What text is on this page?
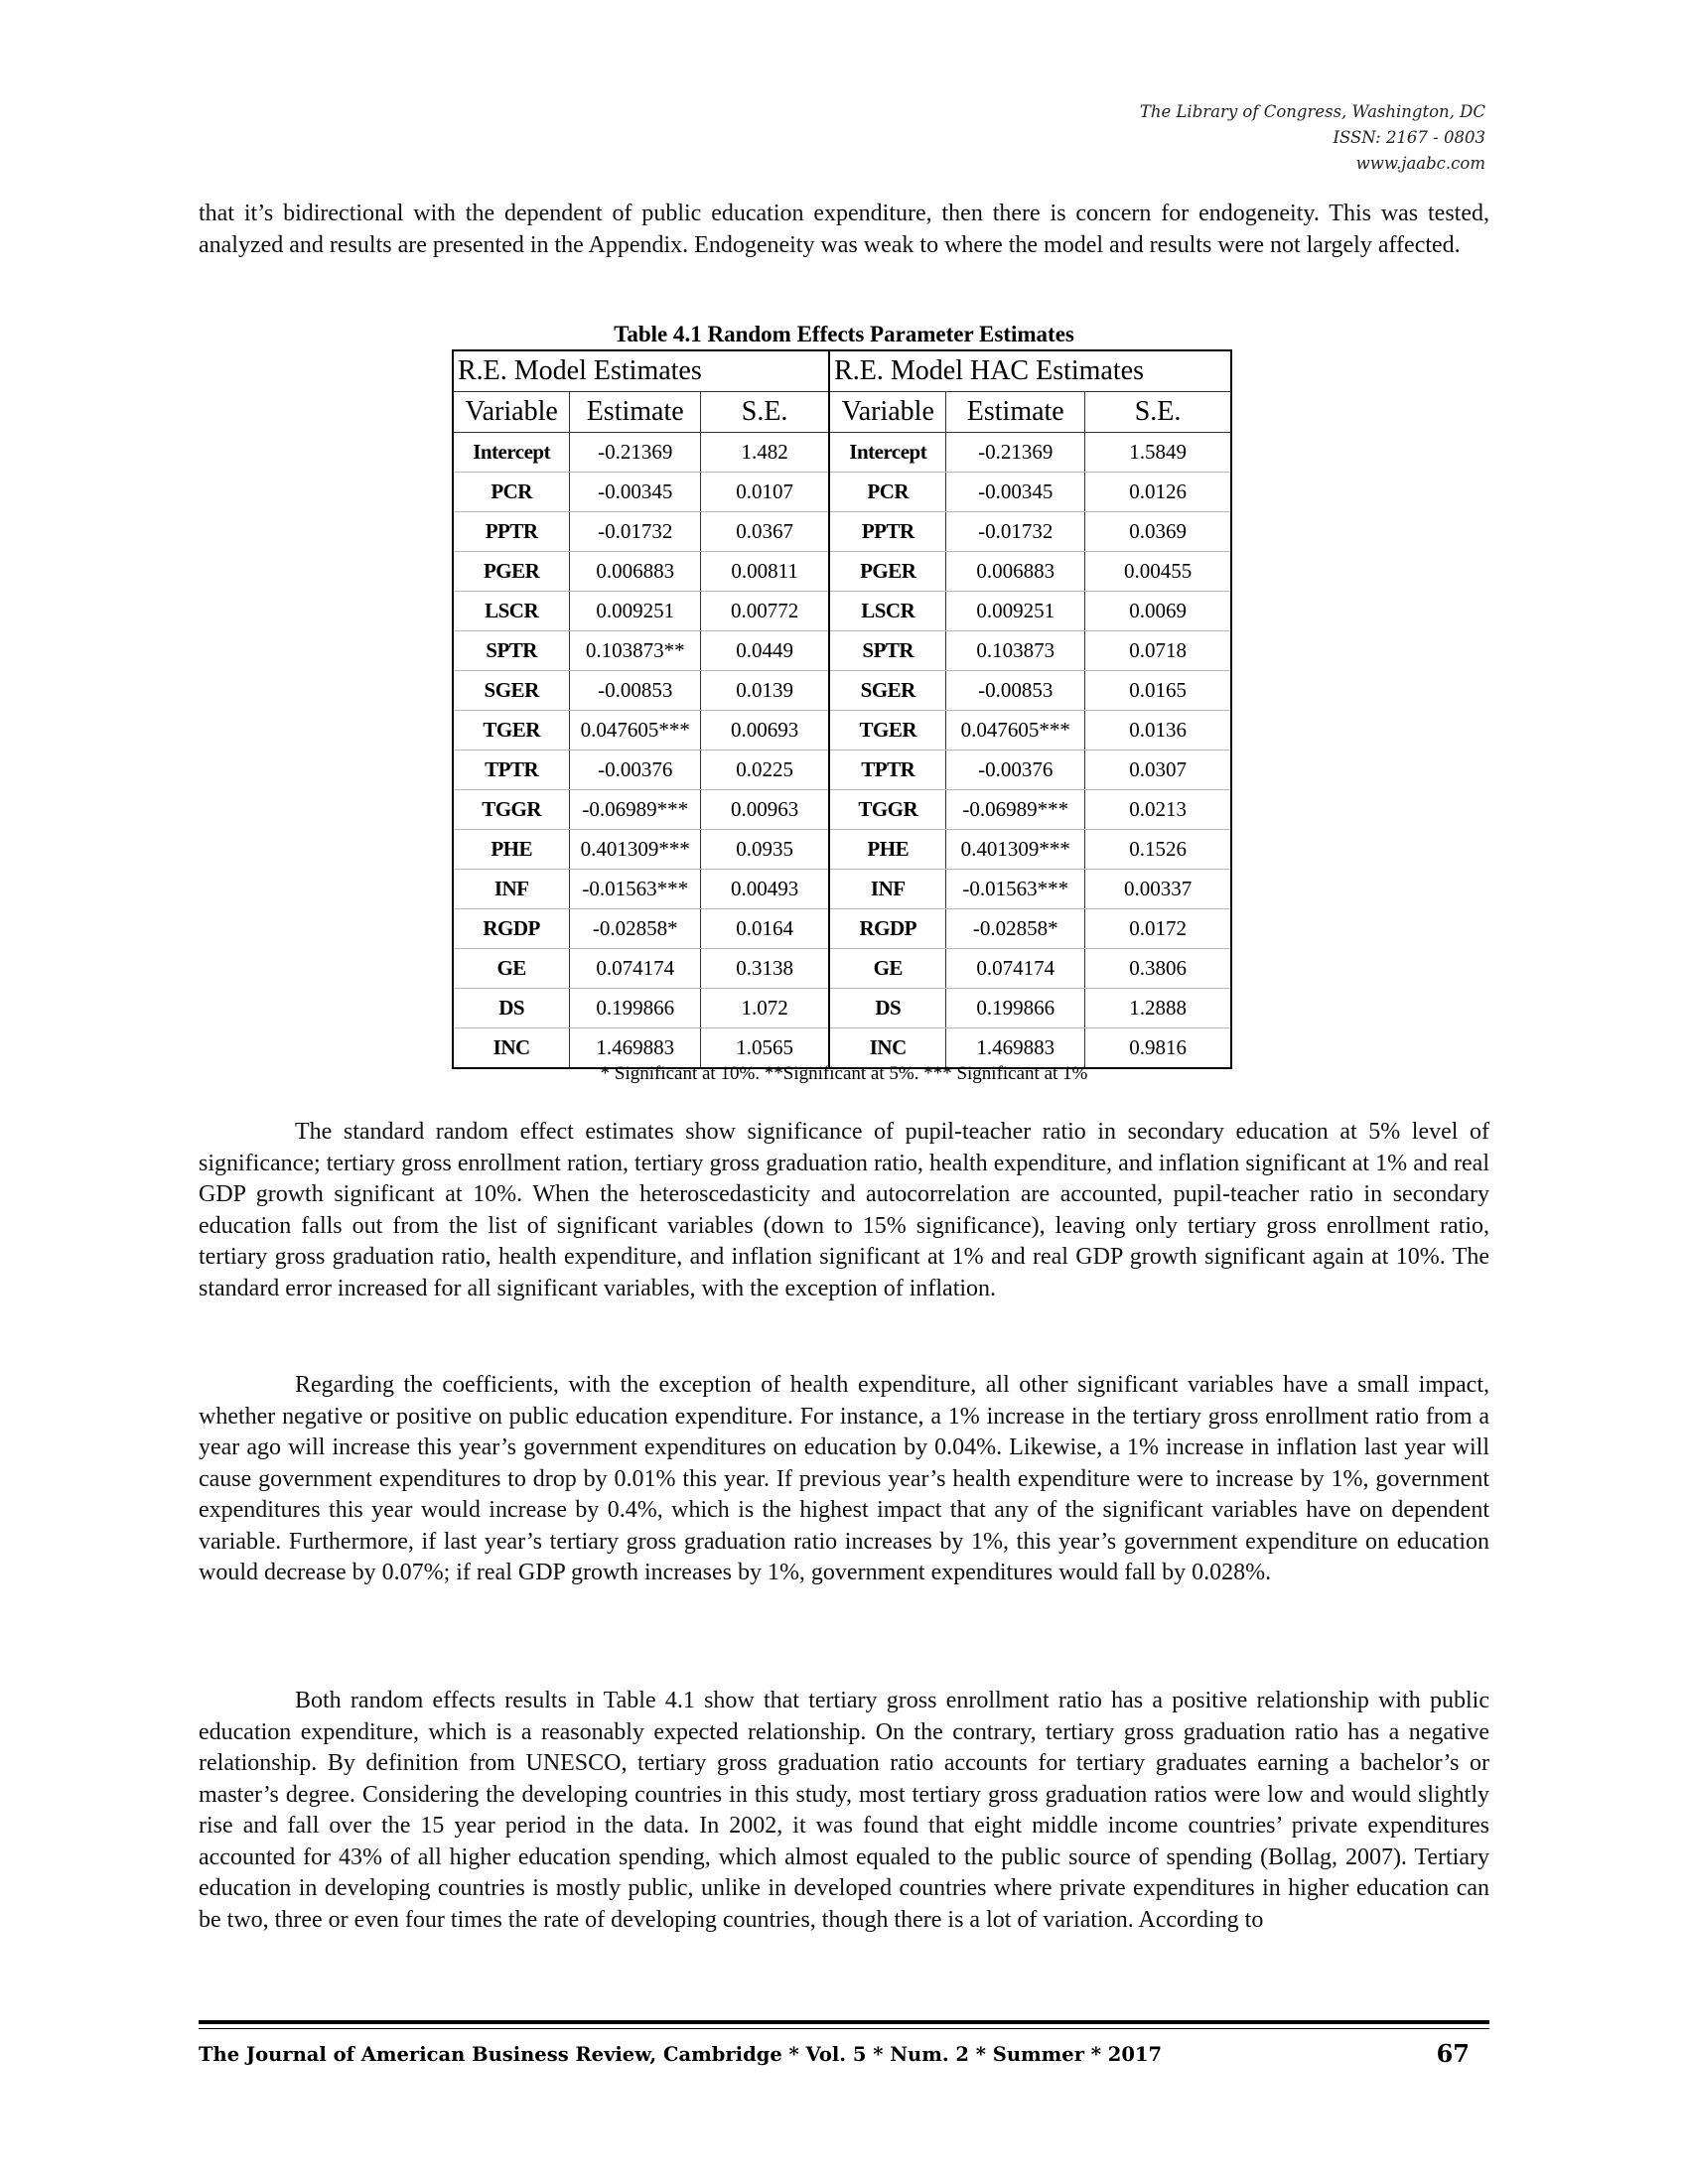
The Library of Congress, Washington, DC
ISSN: 2167 - 0803
www.jaabc.com
that it’s bidirectional with the dependent of public education expenditure, then there is concern for endogeneity. This was tested, analyzed and results are presented in the Appendix. Endogeneity was weak to where the model and results were not largely affected.
Table 4.1 Random Effects Parameter Estimates
R.E. Model Estimates			R.E. Model HAC Estimates		
Variable	Estimate	S.E.	Variable	Estimate	S.E.
Intercept	-0.21369	1.482	Intercept	-0.21369	1.5849
PCR	-0.00345	0.0107	PCR	-0.00345	0.0126
PPTR	-0.01732	0.0367	PPTR	-0.01732	0.0369
PGER	0.006883	0.00811	PGER	0.006883	0.00455
LSCR	0.009251	0.00772	LSCR	0.009251	0.0069
SPTR	0.103873**	0.0449	SPTR	0.103873	0.0718
SGER	-0.00853	0.0139	SGER	-0.00853	0.0165
TGER	0.047605***	0.00693	TGER	0.047605***	0.0136
TPTR	-0.00376	0.0225	TPTR	-0.00376	0.0307
TGGR	-0.06989***	0.00963	TGGR	-0.06989***	0.0213
PHE	0.401309***	0.0935	PHE	0.401309***	0.1526
INF	-0.01563***	0.00493	INF	-0.01563***	0.00337
RGDP	-0.02858*	0.0164	RGDP	-0.02858*	0.0172
GE	0.074174	0.3138	GE	0.074174	0.3806
DS	0.199866	1.072	DS	0.199866	1.2888
INC	1.469883	1.0565	INC	1.469883	0.9816
* Significant at 10%. **Significant at 5%. *** Significant at 1%
The standard random effect estimates show significance of pupil-teacher ratio in secondary education at 5% level of significance; tertiary gross enrollment ration, tertiary gross graduation ratio, health expenditure, and inflation significant at 1% and real GDP growth significant at 10%. When the heteroscedasticity and autocorrelation are accounted, pupil-teacher ratio in secondary education falls out from the list of significant variables (down to 15% significance), leaving only tertiary gross enrollment ratio, tertiary gross graduation ratio, health expenditure, and inflation significant at 1% and real GDP growth significant again at 10%. The standard error increased for all significant variables, with the exception of inflation.
Regarding the coefficients, with the exception of health expenditure, all other significant variables have a small impact, whether negative or positive on public education expenditure. For instance, a 1% increase in the tertiary gross enrollment ratio from a year ago will increase this year’s government expenditures on education by 0.04%. Likewise, a 1% increase in inflation last year will cause government expenditures to drop by 0.01% this year. If previous year’s health expenditure were to increase by 1%, government expenditures this year would increase by 0.4%, which is the highest impact that any of the significant variables have on dependent variable. Furthermore, if last year’s tertiary gross graduation ratio increases by 1%, this year’s government expenditure on education would decrease by 0.07%; if real GDP growth increases by 1%, government expenditures would fall by 0.028%.
Both random effects results in Table 4.1 show that tertiary gross enrollment ratio has a positive relationship with public education expenditure, which is a reasonably expected relationship. On the contrary, tertiary gross graduation ratio has a negative relationship. By definition from UNESCO, tertiary gross graduation ratio accounts for tertiary graduates earning a bachelor’s or master’s degree. Considering the developing countries in this study, most tertiary gross graduation ratios were low and would slightly rise and fall over the 15 year period in the data. In 2002, it was found that eight middle income countries’ private expenditures accounted for 43% of all higher education spending, which almost equaled to the public source of spending (Bollag, 2007). Tertiary education in developing countries is mostly public, unlike in developed countries where private expenditures in higher education can be two, three or even four times the rate of developing countries, though there is a lot of variation. According to
The Journal of American Business Review, Cambridge * Vol. 5 * Num. 2 * Summer * 2017	67
